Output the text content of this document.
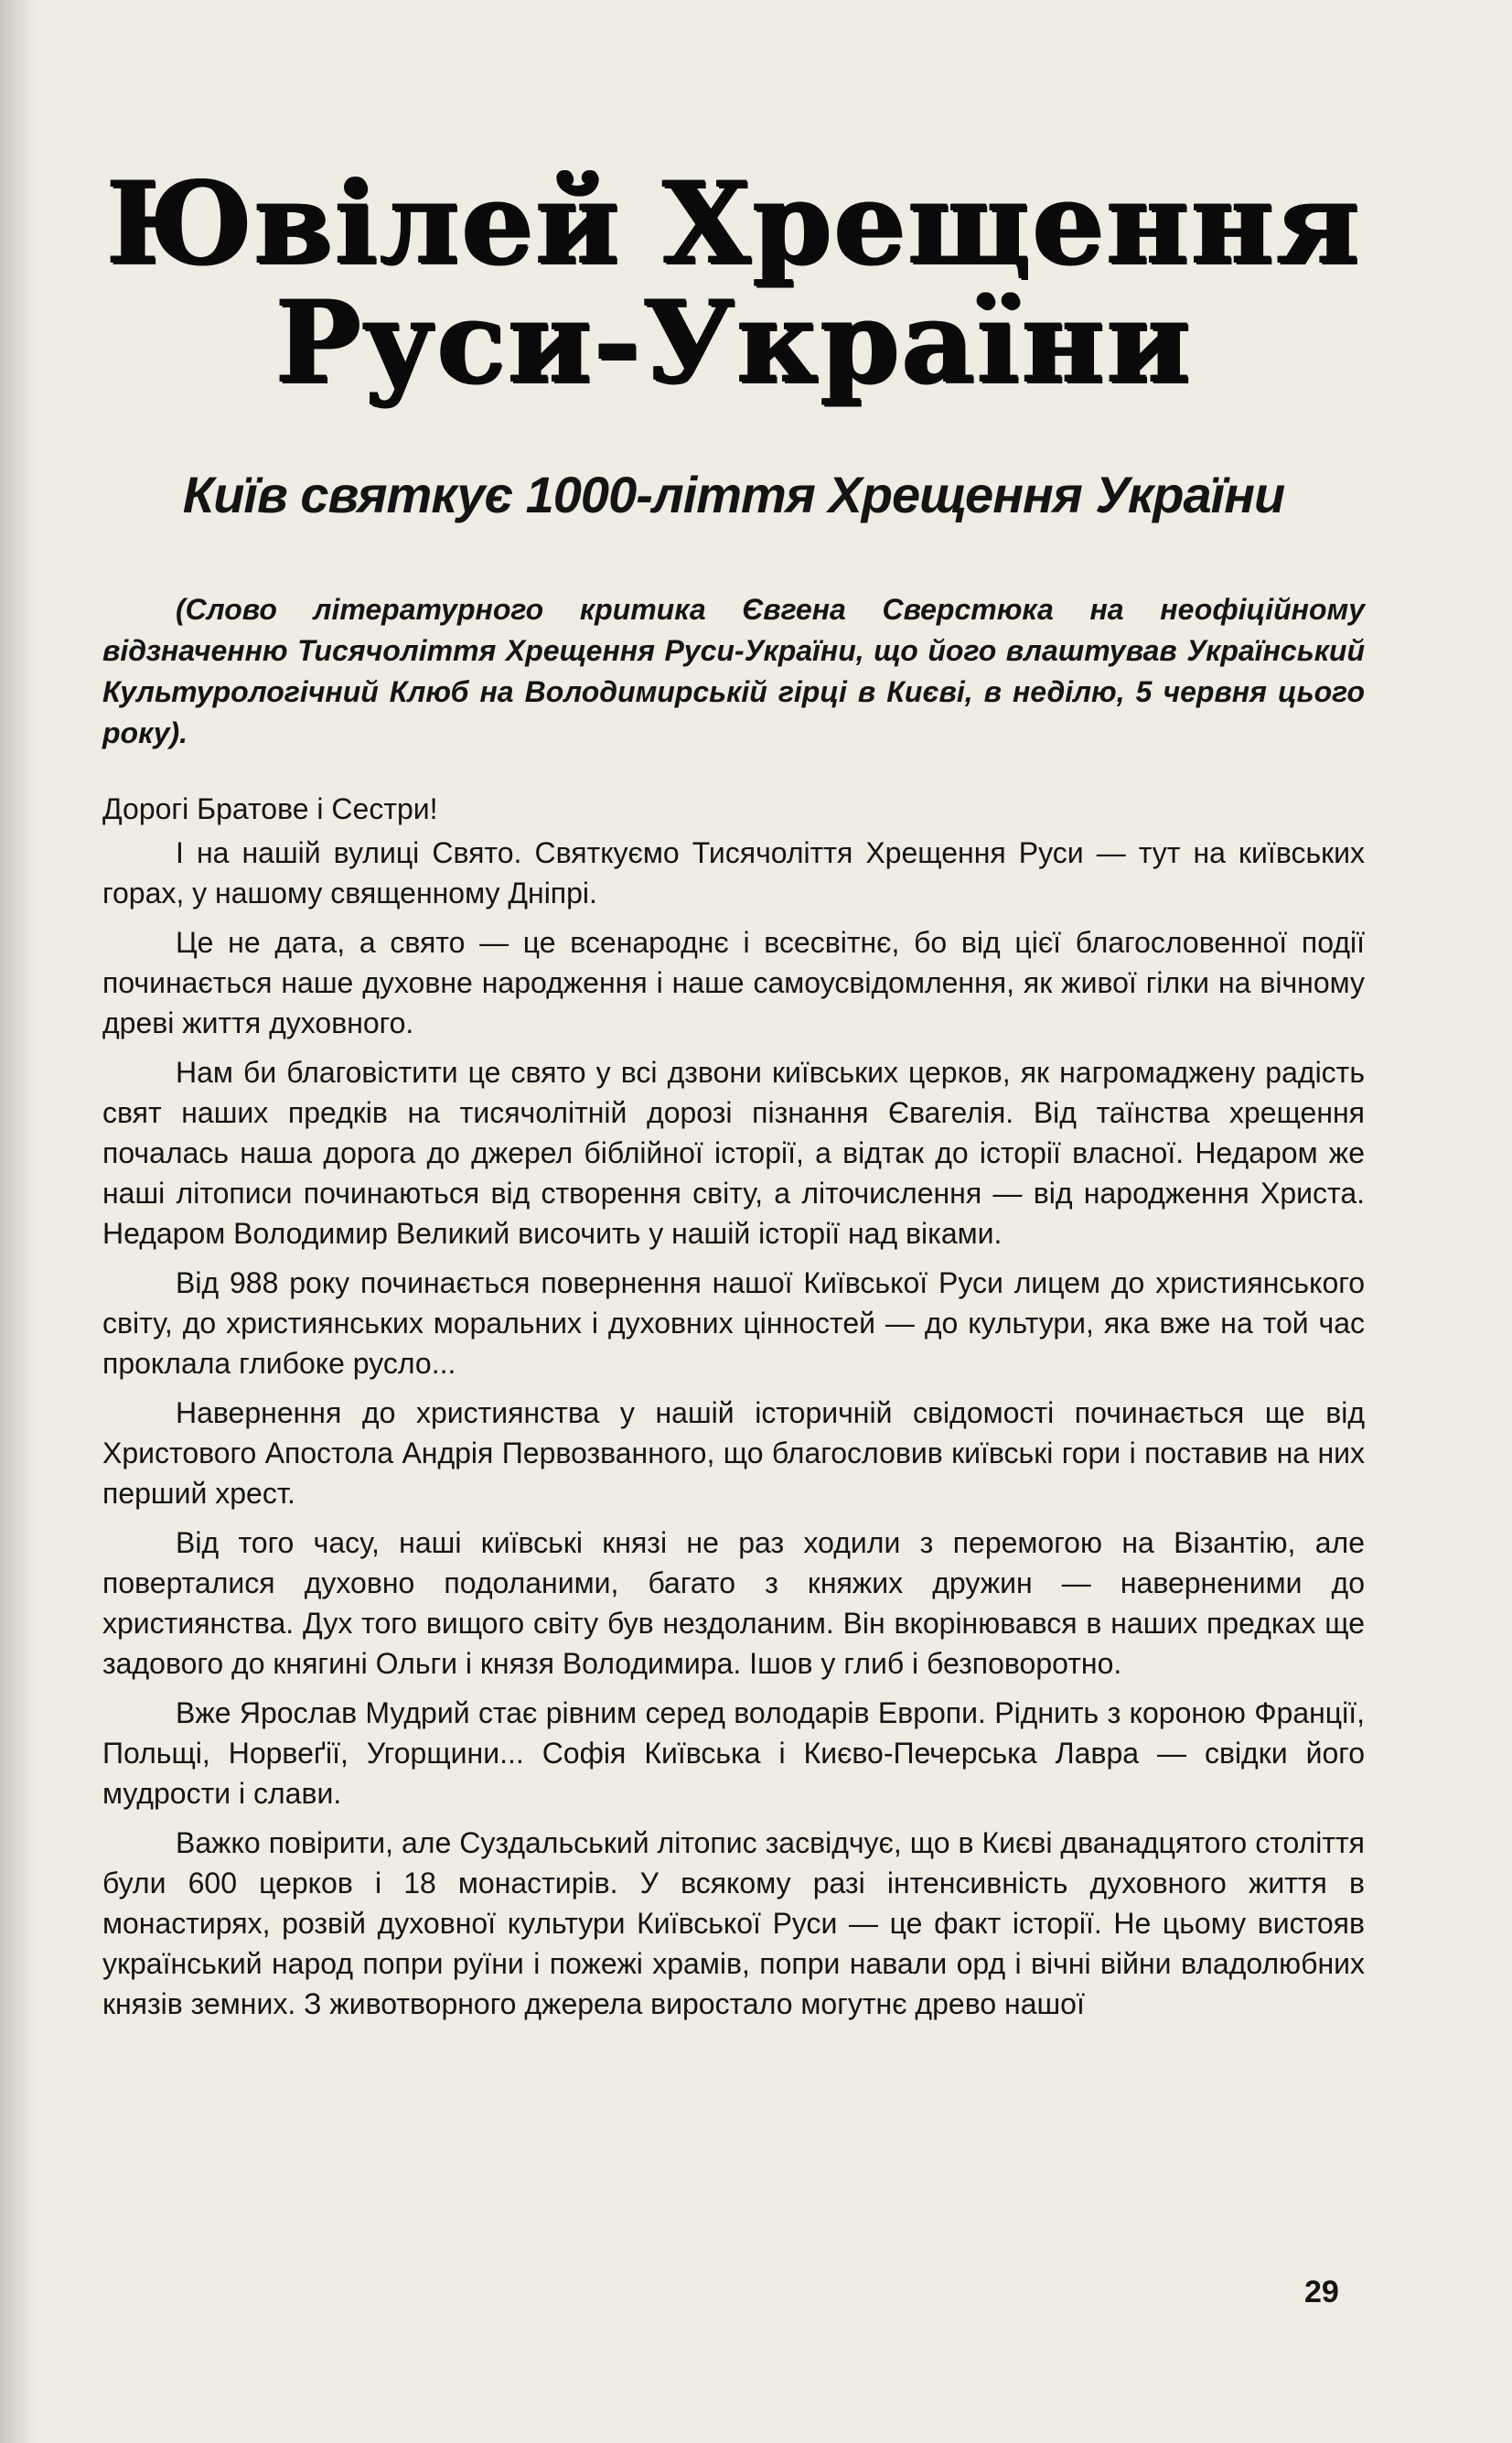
Ювілей Хрещення
Руси-України
Київ святкує 1000-ліття Хрещення України

(Слово літературного критика Євгена Сверстюка на неофіційному відзначенню Тисячоліття Хрещення Руси-України, що його влаштував Український Культурологічний Клюб на Володимирській гірці в Києві, в неділю, 5 червня цього року).

Дорогі Братове і Сестри!

І на нашій вулиці Свято. Святкуємо Тисячоліття Хрещення Руси — тут на київських горах, у нашому священному Дніпрі.

Це не дата, а свято — це всенароднє і всесвітнє, бо від цієї благословенної події починається наше духовне народження і наше самоусвідомлення, як живої гілки на вічному древі життя духовного.

Нам би благовістити це свято у всі дзвони київських церков, як нагромаджену радість свят наших предків на тисячолітній дорозі пізнання Євагелія. Від таїнства хрещення почалась наша дорога до джерел біблійної історії, а відтак до історії власної. Недаром же наші літописи починаються від створення світу, а літочислення — від народження Христа. Недаром Володимир Великий височить у нашій історії над віками.

Від 988 року починається повернення нашої Київської Руси лицем до християнського світу, до християнських моральних і духовних цінностей — до культури, яка вже на той час проклала глибоке русло...

Навернення до християнства у нашій історичній свідомості починається ще від Христового Апостола Андрія Первозванного, що благословив київські гори і поставив на них перший хрест.

Від того часу, наші київські князі не раз ходили з перемогою на Візантію, але поверталися духовно подоланими, багато з княжих дружин — наверненими до християнства. Дух того вищого світу був нездоланим. Він вкорінювався в наших предках ще задового до княгині Ольги і князя Володимира. Ішов у глиб і безповоротно.

Вже Ярослав Мудрий стає рівним серед володарів Европи. Ріднить з короною Франції, Польщі, Норвеґії, Угорщини... Софія Київська і Києво-Печерська Лавра — свідки його мудрости і слави.

Важко повірити, але Суздальський літопис засвідчує, що в Києві дванадцятого століття були 600 церков і 18 монастирів. У всякому разі інтенсивність духовного життя в монастирях, розвій духовної культури Київської Руси — це факт історії. Не цьому вистояв український народ попри руїни і пожежі храмів, попри навали орд і вічні війни владолюбних князів земних. З животворного джерела виростало могутнє древо нашої

29
